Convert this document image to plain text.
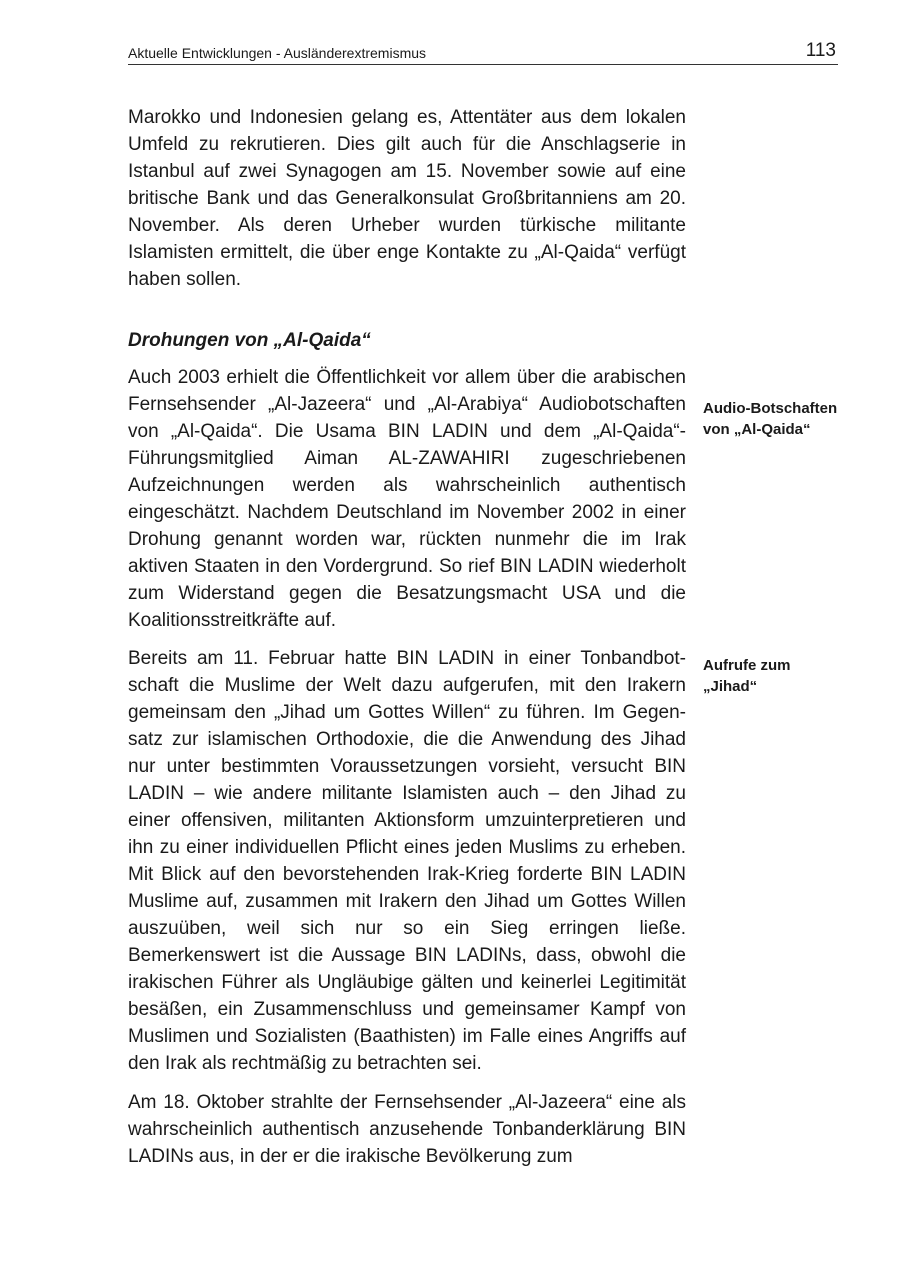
Aktuelle Entwicklungen - Ausländerextremismus	113

Marokko und Indonesien gelang es, Attentäter aus dem lokalen Umfeld zu rekrutieren. Dies gilt auch für die Anschlagserie in Istanbul auf zwei Synagogen am 15. November sowie auf eine britische Bank und das Generalkonsulat Großbritanniens am 20. November. Als deren Urheber wurden türkische militante Islamisten ermittelt, die über enge Kontakte zu „Al-Qaida“ verfügt haben sollen.

Drohungen von „Al-Qaida“

Auch 2003 erhielt die Öffentlichkeit vor allem über die arabischen Fernsehsender „Al-Jazeera“ und „Al-Arabiya“ Audiobotschaften von „Al-Qaida“. Die Usama BIN LADIN und dem „Al-Qaida“-Führungsmitglied Aiman AL-ZAWAHIRI zugeschriebenen Aufzeichnungen werden als wahrscheinlich authentisch eingeschätzt. Nachdem Deutschland im November 2002 in einer Drohung genannt worden war, rückten nunmehr die im Irak aktiven Staaten in den Vordergrund. So rief BIN LADIN wiederholt zum Widerstand gegen die Besatzungsmacht USA und die Koalitionsstreitkräfte auf.

Bereits am 11. Februar hatte BIN LADIN in einer Tonbandbotschaft die Muslime der Welt dazu aufgerufen, mit den Irakern gemeinsam den „Jihad um Gottes Willen“ zu führen. Im Gegensatz zur islamischen Orthodoxie, die die Anwendung des Jihad nur unter bestimmten Voraussetzungen vorsieht, versucht BIN LADIN – wie andere militante Islamisten auch – den Jihad zu einer offensiven, militanten Aktionsform umzuinterpretieren und ihn zu einer individuellen Pflicht eines jeden Muslims zu erheben. Mit Blick auf den bevorstehenden Irak-Krieg forderte BIN LADIN Muslime auf, zusammen mit Irakern den Jihad um Gottes Willen auszuüben, weil sich nur so ein Sieg erringen ließe. Bemerkenswert ist die Aussage BIN LADINs, dass, obwohl die irakischen Führer als Ungläubige gälten und keinerlei Legitimität besäßen, ein Zusammenschluss und gemeinsamer Kampf von Muslimen und Sozialisten (Baathisten) im Falle eines Angriffs auf den Irak als rechtmäßig zu betrachten sei.

Am 18. Oktober strahlte der Fernsehsender „Al-Jazeera“ eine als wahrscheinlich authentisch anzusehende Tonbanderklärung BIN LADINs aus, in der er die irakische Bevölkerung zum

Audio-Botschaften
von „Al-Qaida“
Aufrufe zum
„Jihad“
